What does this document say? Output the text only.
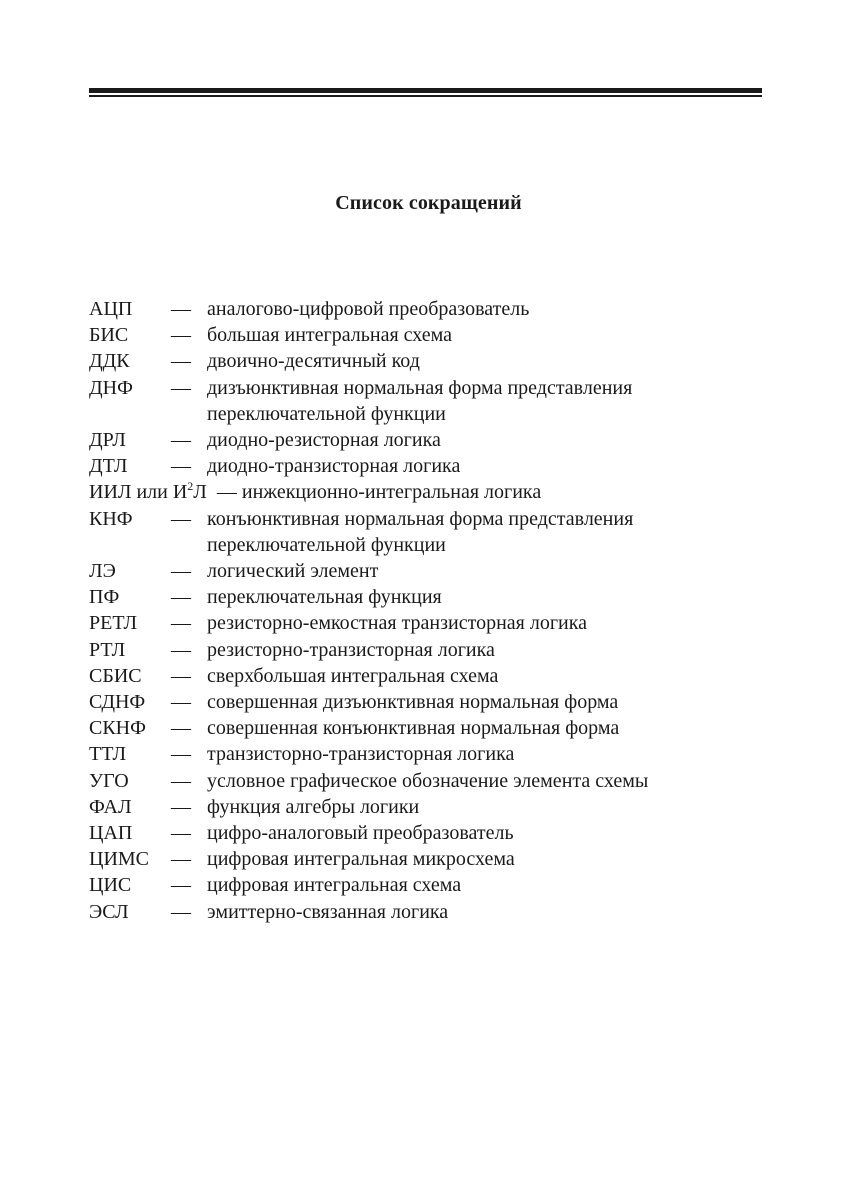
Список сокращений
АЦП — аналогово-цифровой преобразователь
БИС — большая интегральная схема
ДДК — двоично-десятичный код
ДНФ — дизъюнктивная нормальная форма представления
переключательной функции
ДРЛ — диодно-резисторная логика
ДТЛ — диодно-транзисторная логика
ИИЛ или $И^2Л$ — инжекционно-интегральная логика
КНФ — конъюнктивная нормальная форма представления
переключательной функции
ЛЭ	— логический элемент
ПФ	— переключательная функция
РЕТЛ — резисторно-емкостная транзисторная логика
РТЛ — резисторно-транзисторная логика
СБИС — сверхбольшая интегральная схема
СДНФ — совершенная дизъюнктивная нормальная форма
СКНФ — совершенная конъюнктивная нормальная форма
ТТЛ — транзисторно-транзисторная логика
УГО — условное графическое обозначение элемента схемы
ФАЛ — функция алгебры логики
ЦАП — цифро-аналоговый преобразователь
ЦИМС — цифровая интегральная микросхема
ЦИС — цифровая интегральная схема
ЭСЛ — эмиттерно-связанная логика
